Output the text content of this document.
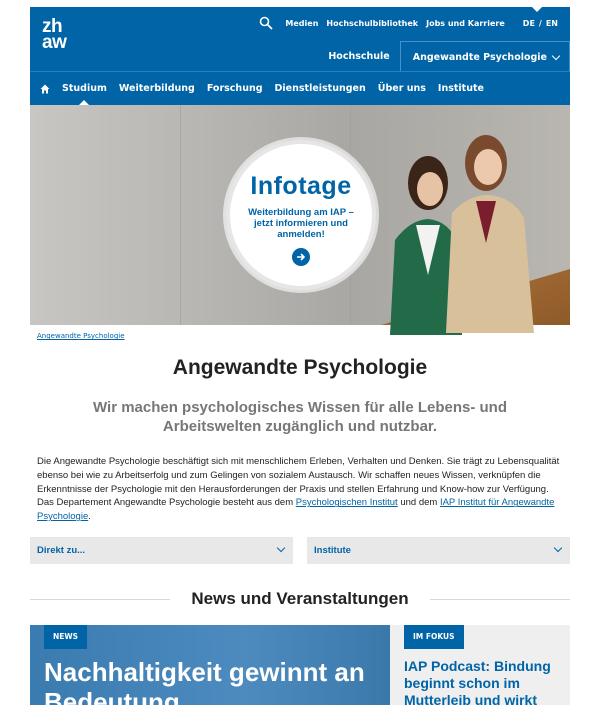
zh
aw
Medien Hochschulbibliothek Jobs und Karriere DE / EN
Hochschule	Angewandte Psychologie
Studium Weiterbildung Forschung Dienstleistungen Über uns Institute
Infotage
Weiterbildung am IAP – jetzt informieren und anmelden!
Angewandte Psychologie
Angewandte Psychologie

Wir machen psychologisches Wissen für alle Lebens- und Arbeitswelten zugänglich und nutzbar.

Die Angewandte Psychologie beschäftigt sich mit menschlichem Erleben, Verhalten und Denken. Sie trägt zu Lebensqualität ebenso bei wie zu Arbeitserfolg und zum Gelingen von sozialem Austausch. Wir schaffen neues Wissen, verknüpfen die Erkenntnisse der Psychologie mit den Herausforderungen der Praxis und stellen Erfahrung und Know-how zur Verfügung. Das Departement Angewandte Psychologie besteht aus dem Psychologischen Institut und dem IAP Institut für Angewandte Psychologie.

Direkt zu...	Institute
News und Veranstaltungen
NEWS
Nachhaltigkeit gewinnt an Bedeutung
IM FOKUS
IAP Podcast: Bindung beginnt schon im Mutterleib und wirkt
